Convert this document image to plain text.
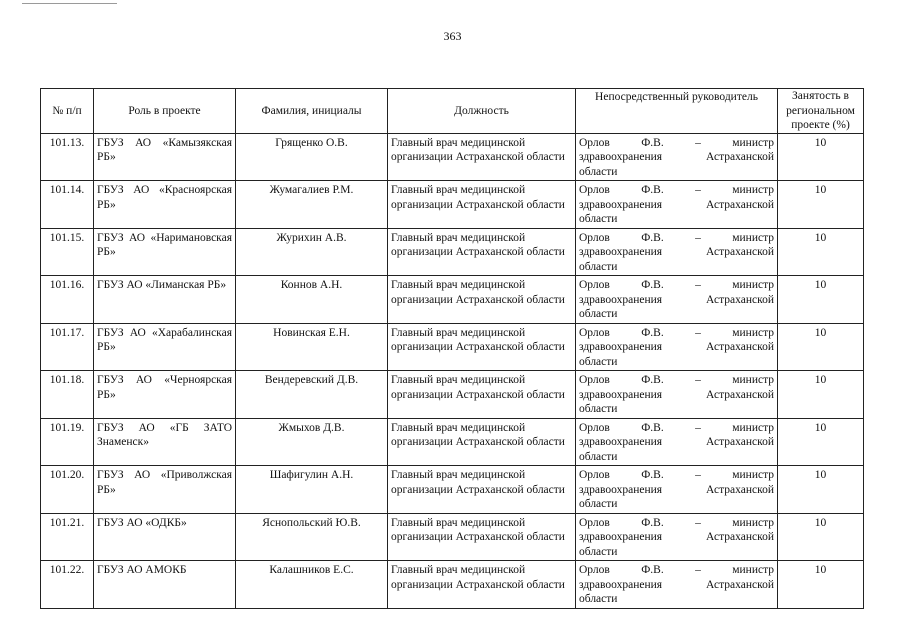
363
№ п/п	Роль в проекте	Фамилия, инициалы	Должность	Непосредственный руководитель	Занятость в региональном проекте (%)
101.13.	ГБУЗ АО «Камызякская РБ»	Грященко О.В.	Главный врач медицинской организации Астраханской области	Орлов Ф.В. – министр здравоохранения Астраханской области	10
101.14.	ГБУЗ АО «Красноярская РБ»	Жумагалиев Р.М.	Главный врач медицинской организации Астраханской области	Орлов Ф.В. – министр здравоохранения Астраханской области	10
101.15.	ГБУЗ АО «Наримановская РБ»	Журихин А.В.	Главный врач медицинской организации Астраханской области	Орлов Ф.В. – министр здравоохранения Астраханской области	10
101.16.	ГБУЗ АО «Лиманская РБ»	Коннов А.Н.	Главный врач медицинской организации Астраханской области	Орлов Ф.В. – министр здравоохранения Астраханской области	10
101.17.	ГБУЗ АО «Харабалинская РБ»	Новинская Е.Н.	Главный врач медицинской организации Астраханской области	Орлов Ф.В. – министр здравоохранения Астраханской области	10
101.18.	ГБУЗ АО «Черноярская РБ»	Вендеревский Д.В.	Главный врач медицинской организации Астраханской области	Орлов Ф.В. – министр здравоохранения Астраханской области	10
101.19.	ГБУЗ АО «ГБ ЗАТО Знаменск»	Жмыхов Д.В.	Главный врач медицинской организации Астраханской области	Орлов Ф.В. – министр здравоохранения Астраханской области	10
101.20.	ГБУЗ АО «Приволжская РБ»	Шафигулин А.Н.	Главный врач медицинской организации Астраханской области	Орлов Ф.В. – министр здравоохранения Астраханской области	10
101.21.	ГБУЗ АО «ОДКБ»	Яснопольский Ю.В.	Главный врач медицинской организации Астраханской области	Орлов Ф.В. – министр здравоохранения Астраханской области	10
101.22.	ГБУЗ АО АМОКБ	Калашников Е.С.	Главный врач медицинской организации Астраханской области	Орлов Ф.В. – министр здравоохранения Астраханской области	10
